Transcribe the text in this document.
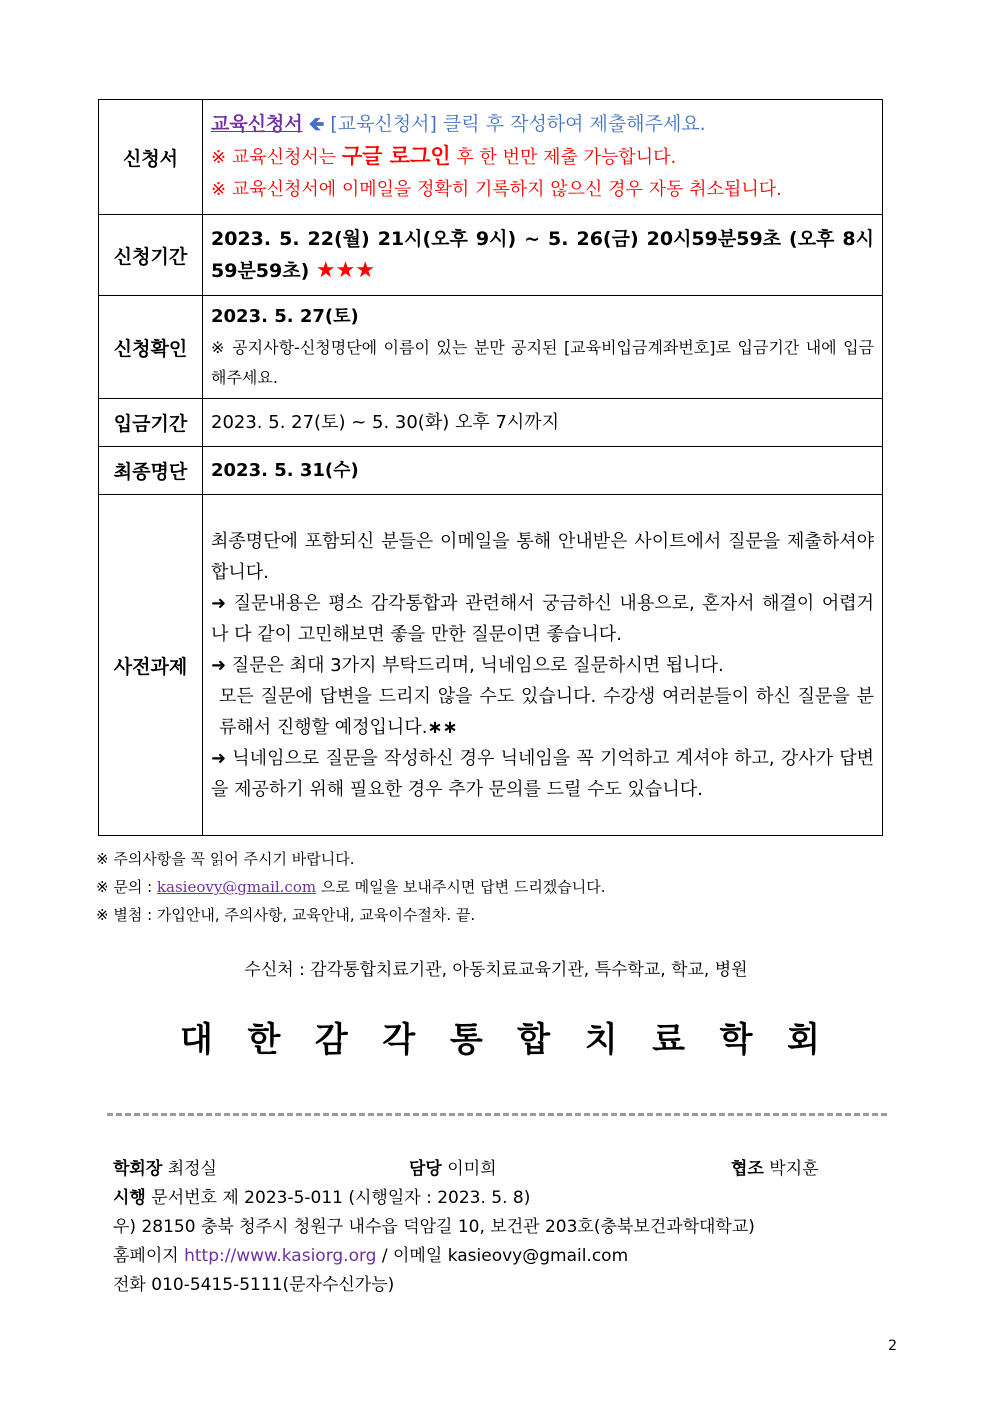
신청서	교육신청서 🡸 [교육신청서] 클릭 후 작성하여 제출해주세요.
※ 교육신청서는 구글 로그인 후 한 번만 제출 가능합니다.
※ 교육신청서에 이메일을 정확히 기록하지 않으신 경우 자동 취소됩니다.

신청기간	2023. 5. 22(월) 21시(오후 9시) ~ 5. 26(금) 20시59분59초 (오후 8시 59분59초) ★★★
신청확인	2023. 5. 27(토)
※ 공지사항-신청명단에 이름이 있는 분만 공지된 [교육비입금계좌번호]로 입금기간 내에 입금해주세요.

입금기간	2023. 5. 27(토) ~ 5. 30(화) 오후 7시까지
최종명단	2023. 5. 31(수)
사전과제	최종명단에 포함되신 분들은 이메일을 통해 안내받은 사이트에서 질문을 제출하셔야 합니다.
➜ 질문내용은 평소 감각통합과 관련해서 궁금하신 내용으로, 혼자서 해결이 어렵거나 다 같이 고민해보면 좋을 만한 질문이면 좋습니다.
➜ 질문은 최대 3가지 부탁드리며, 닉네임으로 질문하시면 됩니다.
모든 질문에 답변을 드리지 않을 수도 있습니다. 수강생 여러분들이 하신 질문을 분류해서 진행할 예정입니다.∗∗
➜ 닉네임으로 질문을 작성하신 경우 닉네임을 꼭 기억하고 계셔야 하고, 강사가 답변을 제공하기 위해 필요한 경우 추가 문의를 드릴 수도 있습니다.
※ 주의사항을 꼭 읽어 주시기 바랍니다.
※ 문의 : kasieovy@gmail.com 으로 메일을 보내주시면 답변 드리겠습니다.
※ 별첨 : 가입안내, 주의사항, 교육안내, 교육이수절차. 끝.
수신처 : 감각통합치료기관, 아동치료교육기관, 특수학교, 학교, 병원
대 한 감 각 통 합 치 료 학 회
학회장 최정실	담당 이미희	협조 박지훈
시행 문서번호 제 2023-5-011 (시행일자 : 2023. 5. 8)
우) 28150 충북 청주시 청원구 내수읍 덕암길 10, 보건관 203호(충북보건과학대학교)
홈페이지 http://www.kasiorg.org / 이메일 kasieovy@gmail.com
전화 010-5415-5111(문자수신가능)
2
